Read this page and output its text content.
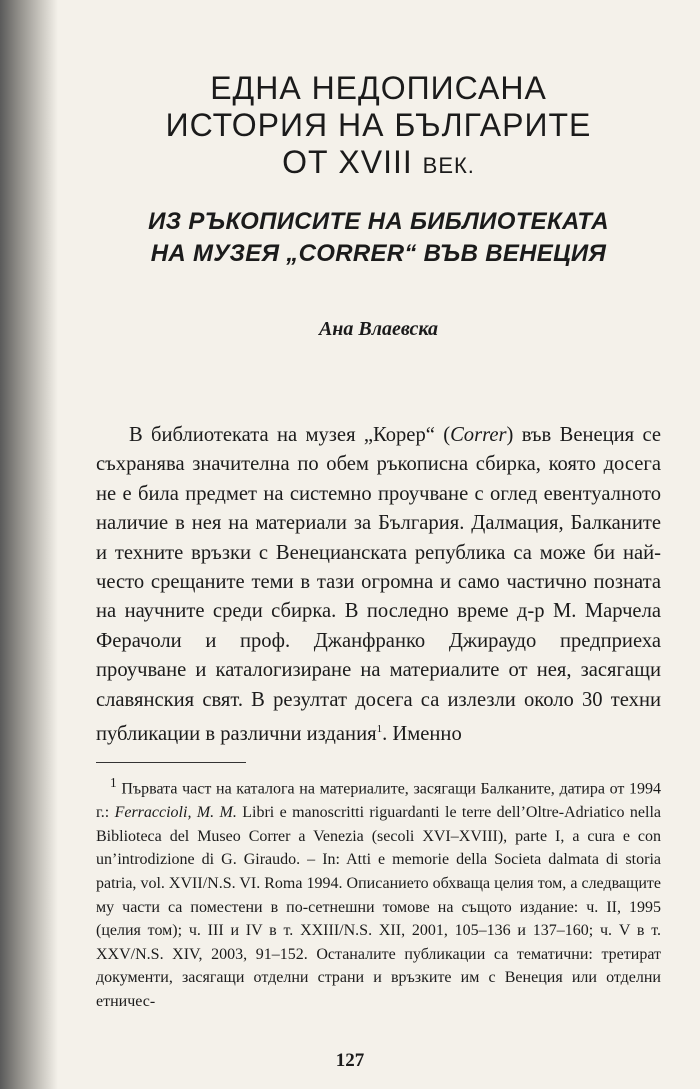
ЕДНА НЕДОПИСАНА
ИСТОРИЯ НА БЪЛГАРИТЕ
ОТ XVIII ВЕК.
ИЗ РЪКОПИСИТЕ НА БИБЛИОТЕКАТА
НА МУЗЕЯ „CORRER“ ВЪВ ВЕНЕЦИЯ

Ана Влаевска

В библиотеката на музея „Корер“ (Correr) във Венеция се съхранява значителна по обем ръкописна сбирка, която досега не е била предмет на системно проучване с оглед евентуалното наличие в нея на материали за България. Далмация, Балканите и техните връзки с Венецианската република са може би най-често срещаните теми в тази огромна и само частично позната на научните среди сбирка. В последно време д-р М. Марчела Ферачоли и проф. Джанфранко Джираудо предприеха проучване и каталогизиране на материалите от нея, засягащи славянския свят. В резултат досега са излезли около 30 техни публикации в различни издания$^1$. Именно

$^1$ Първата част на каталога на материалите, засягащи Балканите, датира от 1994 г.: Ferraccioli, M. M. Libri e manoscritti riguardanti le terre dell’Oltre-Adriatico nella Biblioteca del Museo Correr a Venezia (secoli XVI–XVIII), parte I, a cura e con un’introdizione di G. Giraudo. – In: Atti e memorie della Societa dalmata di storia patria, vol. XVII/N.S. VI. Roma 1994. Описанието обхваща целия том, а следващите му части са поместени в по-сетнешни томове на същото издание: ч. II, 1995 (целия том); ч. III и IV в т. XXIII/N.S. XII, 2001, 105–136 и 137–160; ч. V в т. XXV/N.S. XIV, 2003, 91–152. Останалите публикации са тематични: третират документи, засягащи отделни страни и връзките им с Венеция или отделни етничес-

127
